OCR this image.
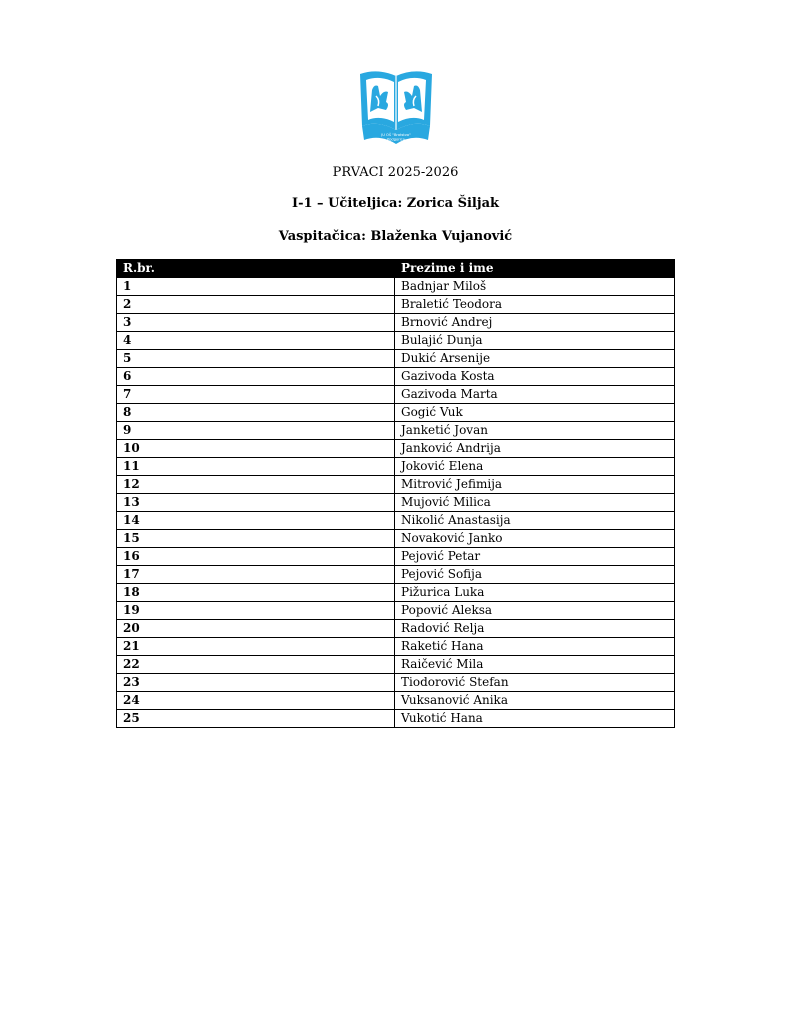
JU OŠ "Bratstvo"
Podgorica
PRVACI 2025-2026
I-1 – Učiteljica: Zorica Šiljak
Vaspitačica: Blaženka Vujanović
R.br.	Prezime i ime
1	Badnjar Miloš
2	Braletić Teodora
3	Brnović Andrej
4	Bulajić Dunja
5	Dukić Arsenije
6	Gazivoda Kosta
7	Gazivoda Marta
8	Gogić Vuk
9	Janketić Jovan
10	Janković Andrija
11	Joković Elena
12	Mitrović Jefimija
13	Mujović Milica
14	Nikolić Anastasija
15	Novaković Janko
16	Pejović Petar
17	Pejović Sofija
18	Pižurica Luka
19	Popović Aleksa
20	Radović Relja
21	Raketić Hana
22	Raičević Mila
23	Tiodorović Stefan
24	Vuksanović Anika
25	Vukotić Hana
